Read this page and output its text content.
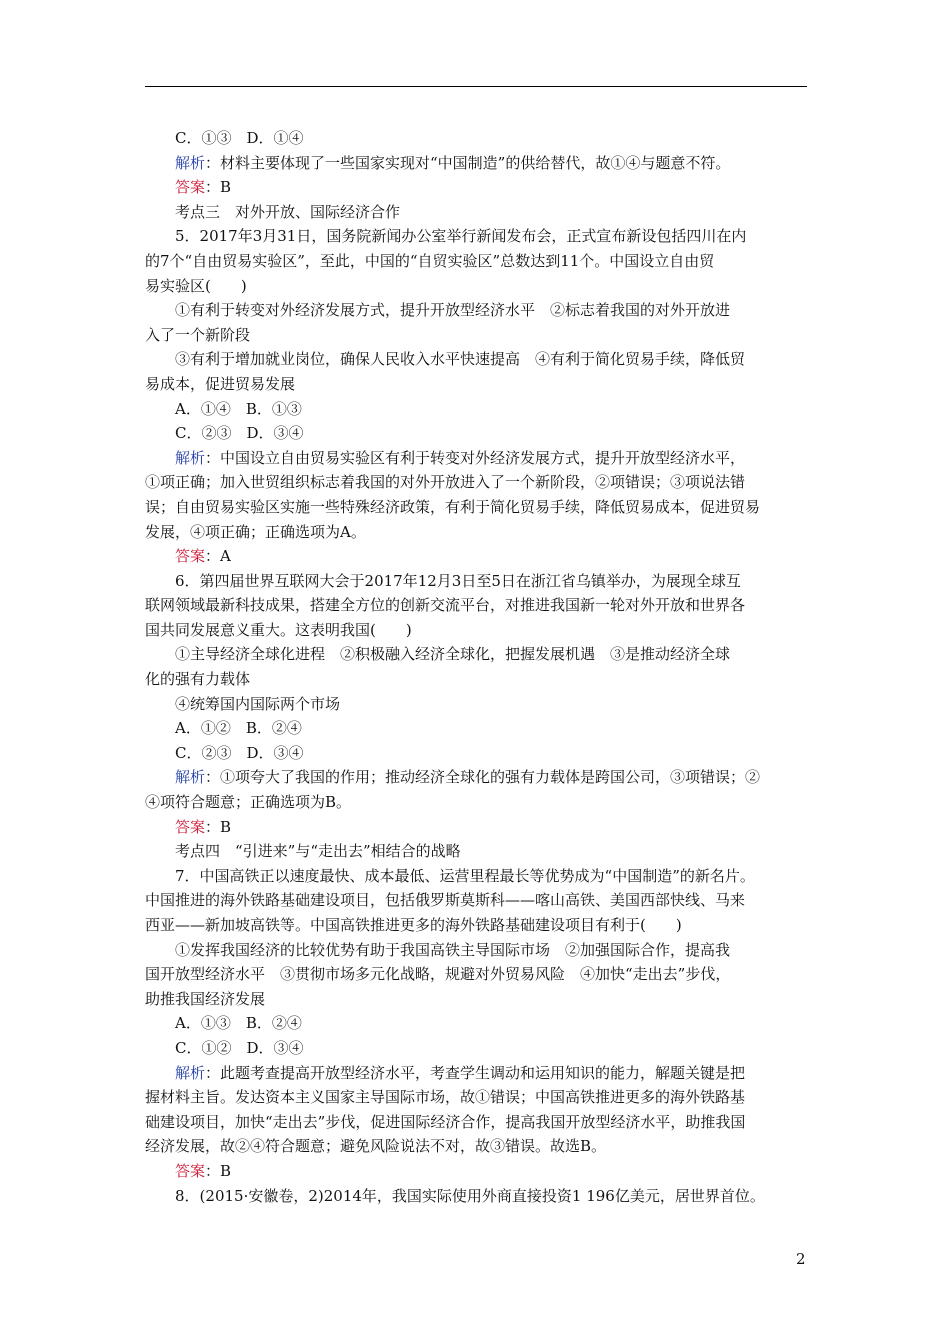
C．①③　D．①④

解析：材料主要体现了一些国家实现对“中国制造”的供给替代，故①④与题意不符。

答案：B

考点三　对外开放、国际经济合作

5．2017年3月31日，国务院新闻办公室举行新闻发布会，正式宣布新设包括四川在内

的7个“自由贸易实验区”，至此，中国的“自贸实验区”总数达到11个。中国设立自由贸

易实验区(　　)

①有利于转变对外经济发展方式，提升开放型经济水平　②标志着我国的对外开放进

入了一个新阶段

③有利于增加就业岗位，确保人民收入水平快速提高　④有利于简化贸易手续，降低贸

易成本，促进贸易发展

A．①④　B．①③

C．②③　D．③④

解析：中国设立自由贸易实验区有利于转变对外经济发展方式，提升开放型经济水平，

①项正确；加入世贸组织标志着我国的对外开放进入了一个新阶段，②项错误；③项说法错

误；自由贸易实验区实施一些特殊经济政策，有利于简化贸易手续，降低贸易成本，促进贸易

发展，④项正确；正确选项为A。

答案：A

6．第四届世界互联网大会于2017年12月3日至5日在浙江省乌镇举办，为展现全球互

联网领域最新科技成果，搭建全方位的创新交流平台，对推进我国新一轮对外开放和世界各

国共同发展意义重大。这表明我国(　　)

①主导经济全球化进程　②积极融入经济全球化，把握发展机遇　③是推动经济全球

化的强有力载体

④统筹国内国际两个市场

A．①②　B．②④

C．②③　D．③④

解析：①项夸大了我国的作用；推动经济全球化的强有力载体是跨国公司，③项错误；②

④项符合题意；正确选项为B。

答案：B

考点四　“引进来”与“走出去”相结合的战略

7．中国高铁正以速度最快、成本最低、运营里程最长等优势成为“中国制造”的新名片。

中国推进的海外铁路基础建设项目，包括俄罗斯莫斯科——喀山高铁、美国西部快线、马来

西亚——新加坡高铁等。中国高铁推进更多的海外铁路基础建设项目有利于(　　)

①发挥我国经济的比较优势有助于我国高铁主导国际市场　②加强国际合作，提高我

国开放型经济水平　③贯彻市场多元化战略，规避对外贸易风险　④加快“走出去”步伐，

助推我国经济发展

A．①③　B．②④

C．①②　D．③④

解析：此题考查提高开放型经济水平，考查学生调动和运用知识的能力，解题关键是把

握材料主旨。发达资本主义国家主导国际市场，故①错误；中国高铁推进更多的海外铁路基

础建设项目，加快“走出去”步伐，促进国际经济合作，提高我国开放型经济水平，助推我国

经济发展，故②④符合题意；避免风险说法不对，故③错误。故选B。

答案：B

8．(2015·安徽卷，2)2014年，我国实际使用外商直接投资1 196亿美元，居世界首位。

2
